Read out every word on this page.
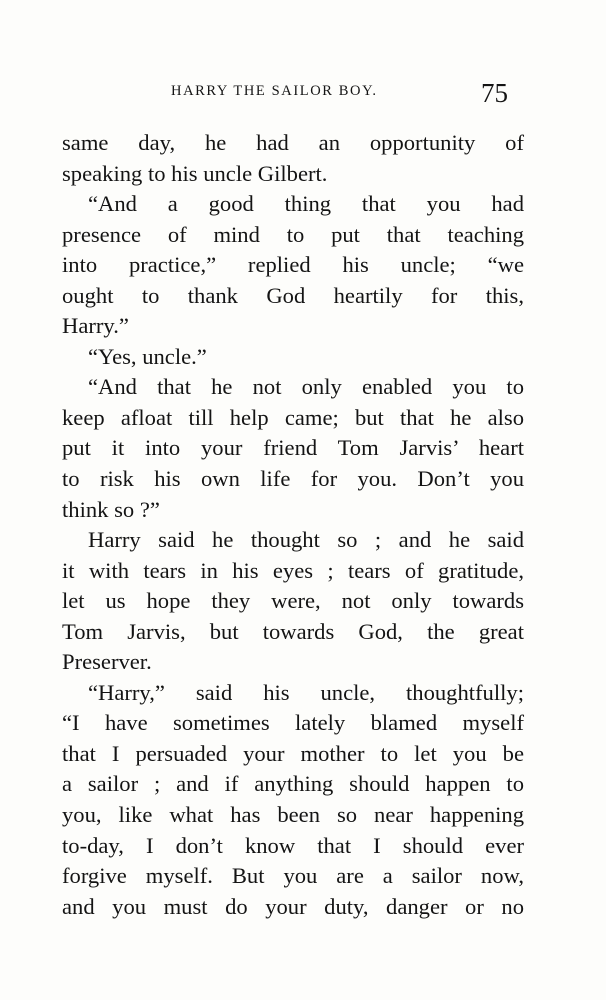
HARRY THE SAILOR BOY.	75
same day, he had an opportunity of
speaking to his uncle Gilbert.
“And a good thing that you had
presence of mind to put that teaching
into practice,” replied his uncle; “we
ought to thank God heartily for this,
Harry.”
“Yes, uncle.”
“And that he not only enabled you to
keep afloat till help came; but that he also
put it into your friend Tom Jarvis’ heart
to risk his own life for you. Don’t you
think so ?”
Harry said he thought so ; and he said
it with tears in his eyes ; tears of gratitude,
let us hope they were, not only towards
Tom Jarvis, but towards God, the great
Preserver.
“Harry,” said his uncle, thoughtfully;
“I have sometimes lately blamed myself
that I persuaded your mother to let you be
a sailor ; and if anything should happen to
you, like what has been so near happening
to-day, I don’t know that I should ever
forgive myself. But you are a sailor now,
and you must do your duty, danger or no
